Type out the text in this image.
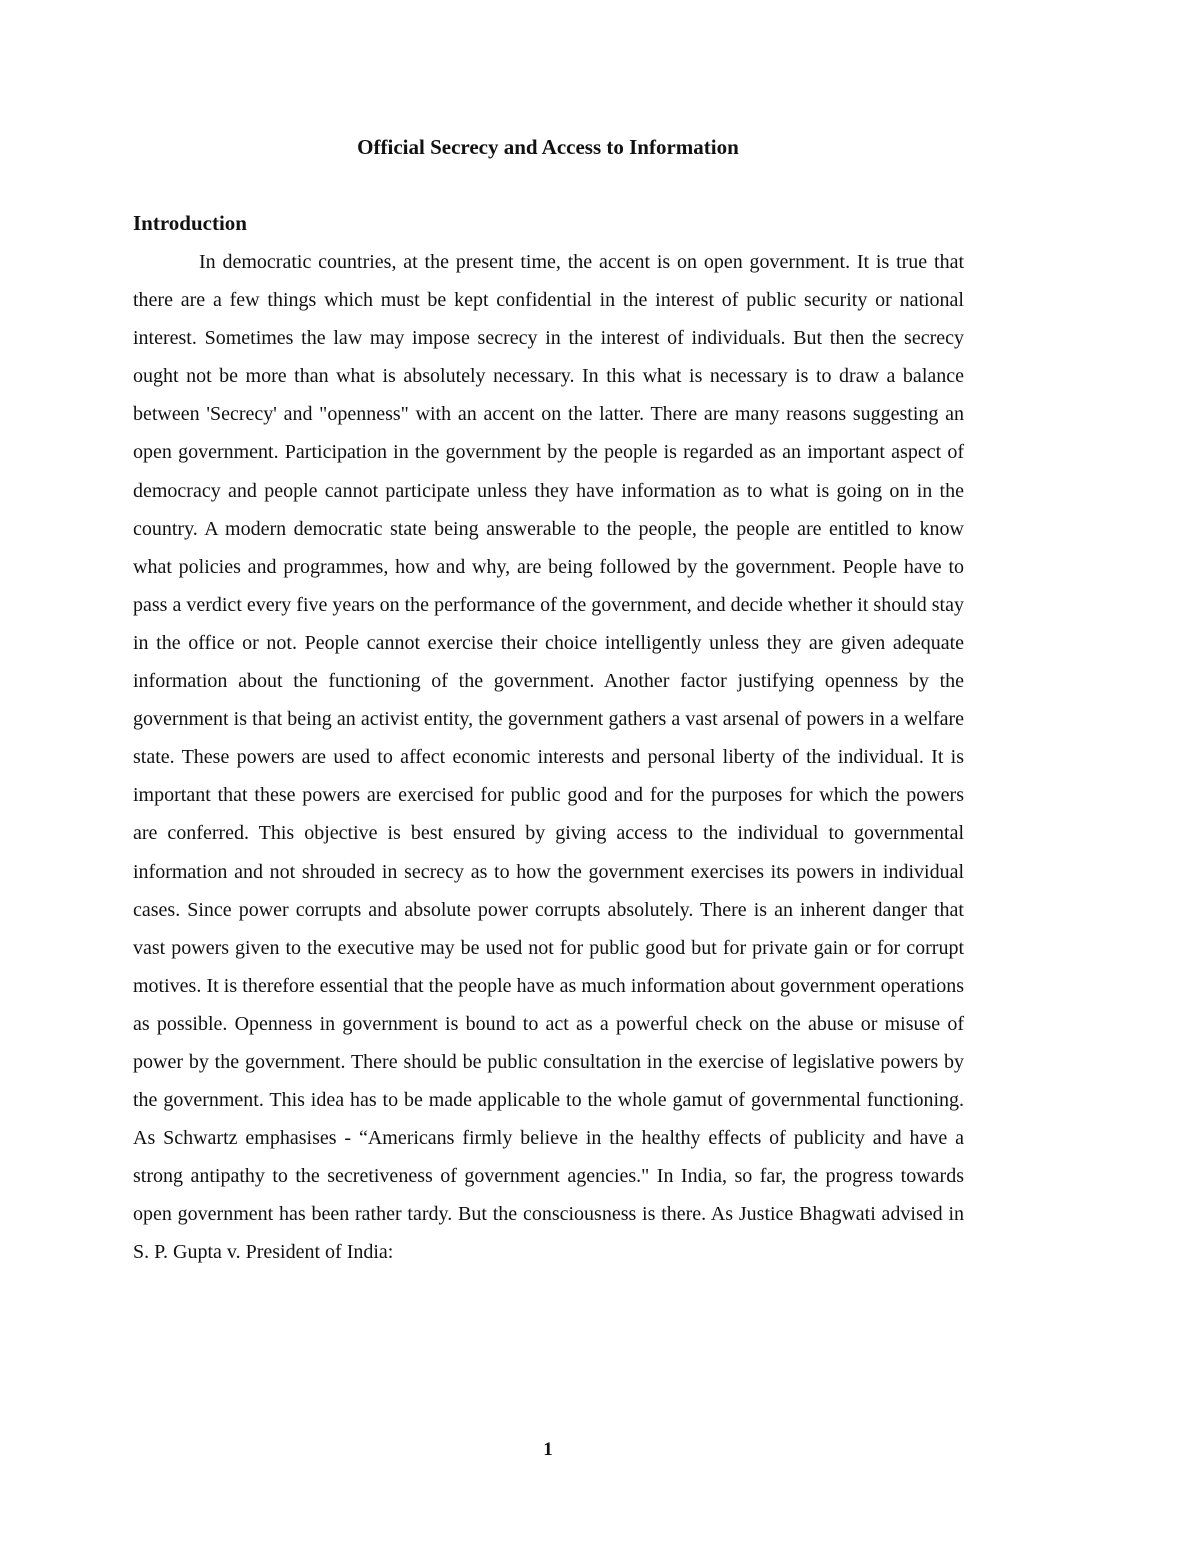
Official Secrecy and Access to Information
Introduction

In democratic countries, at the present time, the accent is on open government. It is true that there are a few things which must be kept confidential in the interest of public security or national interest. Sometimes the law may impose secrecy in the interest of individuals. But then the secrecy ought not be more than what is absolutely necessary. In this what is necessary is to draw a balance between 'Secrecy' and "openness" with an accent on the latter. There are many reasons suggesting an open government. Participation in the government by the people is regarded as an important aspect of democracy and people cannot participate unless they have information as to what is going on in the country. A modern democratic state being answerable to the people, the people are entitled to know what policies and programmes, how and why, are being followed by the government. People have to pass a verdict every five years on the performance of the government, and decide whether it should stay in the office or not. People cannot exercise their choice intelligently unless they are given adequate information about the functioning of the government. Another factor justifying openness by the government is that being an activist entity, the government gathers a vast arsenal of powers in a welfare state. These powers are used to affect economic interests and personal liberty of the individual. It is important that these powers are exercised for public good and for the purposes for which the powers are conferred. This objective is best ensured by giving access to the individual to governmental information and not shrouded in secrecy as to how the government exercises its powers in individual cases. Since power corrupts and absolute power corrupts absolutely. There is an inherent danger that vast powers given to the executive may be used not for public good but for private gain or for corrupt motives. It is therefore essential that the people have as much information about government operations as possible. Openness in government is bound to act as a powerful check on the abuse or misuse of power by the government. There should be public consultation in the exercise of legislative powers by the government. This idea has to be made applicable to the whole gamut of governmental functioning. As Schwartz emphasises - “Americans firmly believe in the healthy effects of publicity and have a strong antipathy to the secretiveness of government agencies." In India, so far, the progress towards open government has been rather tardy. But the consciousness is there. As Justice Bhagwati advised in S. P. Gupta v. President of India:

1
